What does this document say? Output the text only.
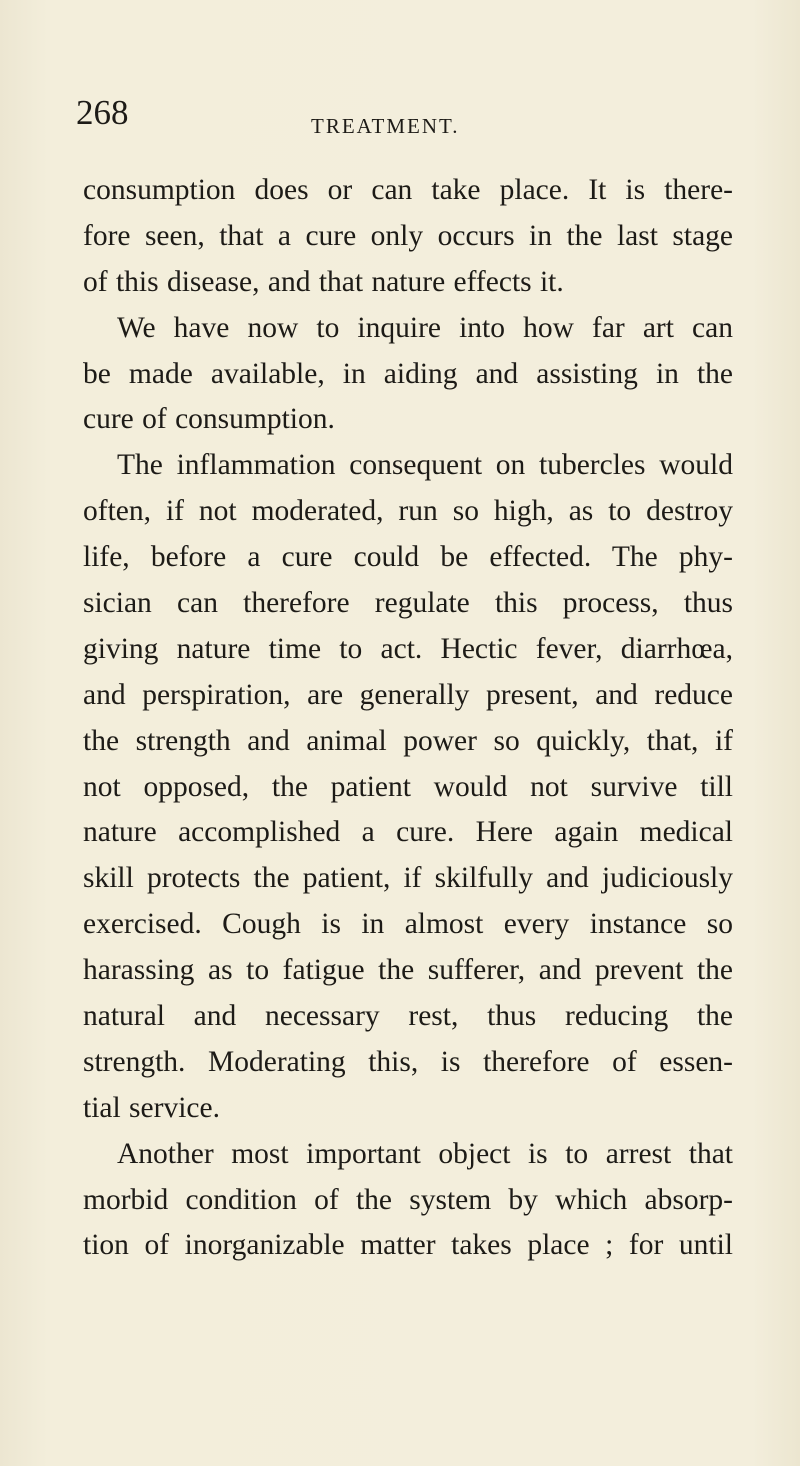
268	TREATMENT.
consumption does or can take place. It is there-
fore seen, that a cure only occurs in the last stage
of this disease, and that nature effects it.
We have now to inquire into how far art can
be made available, in aiding and assisting in the
cure of consumption.
The inflammation consequent on tubercles would
often, if not moderated, run so high, as to destroy
life, before a cure could be effected. The phy-
sician can therefore regulate this process, thus
giving nature time to act. Hectic fever, diarrhœa,
and perspiration, are generally present, and reduce
the strength and animal power so quickly, that, if
not opposed, the patient would not survive till
nature accomplished a cure. Here again medical
skill protects the patient, if skilfully and judiciously
exercised. Cough is in almost every instance so
harassing as to fatigue the sufferer, and prevent the
natural and necessary rest, thus reducing the
strength. Moderating this, is therefore of essen-
tial service.
Another most important object is to arrest that
morbid condition of the system by which absorp-
tion of inorganizable matter takes place ; for until
